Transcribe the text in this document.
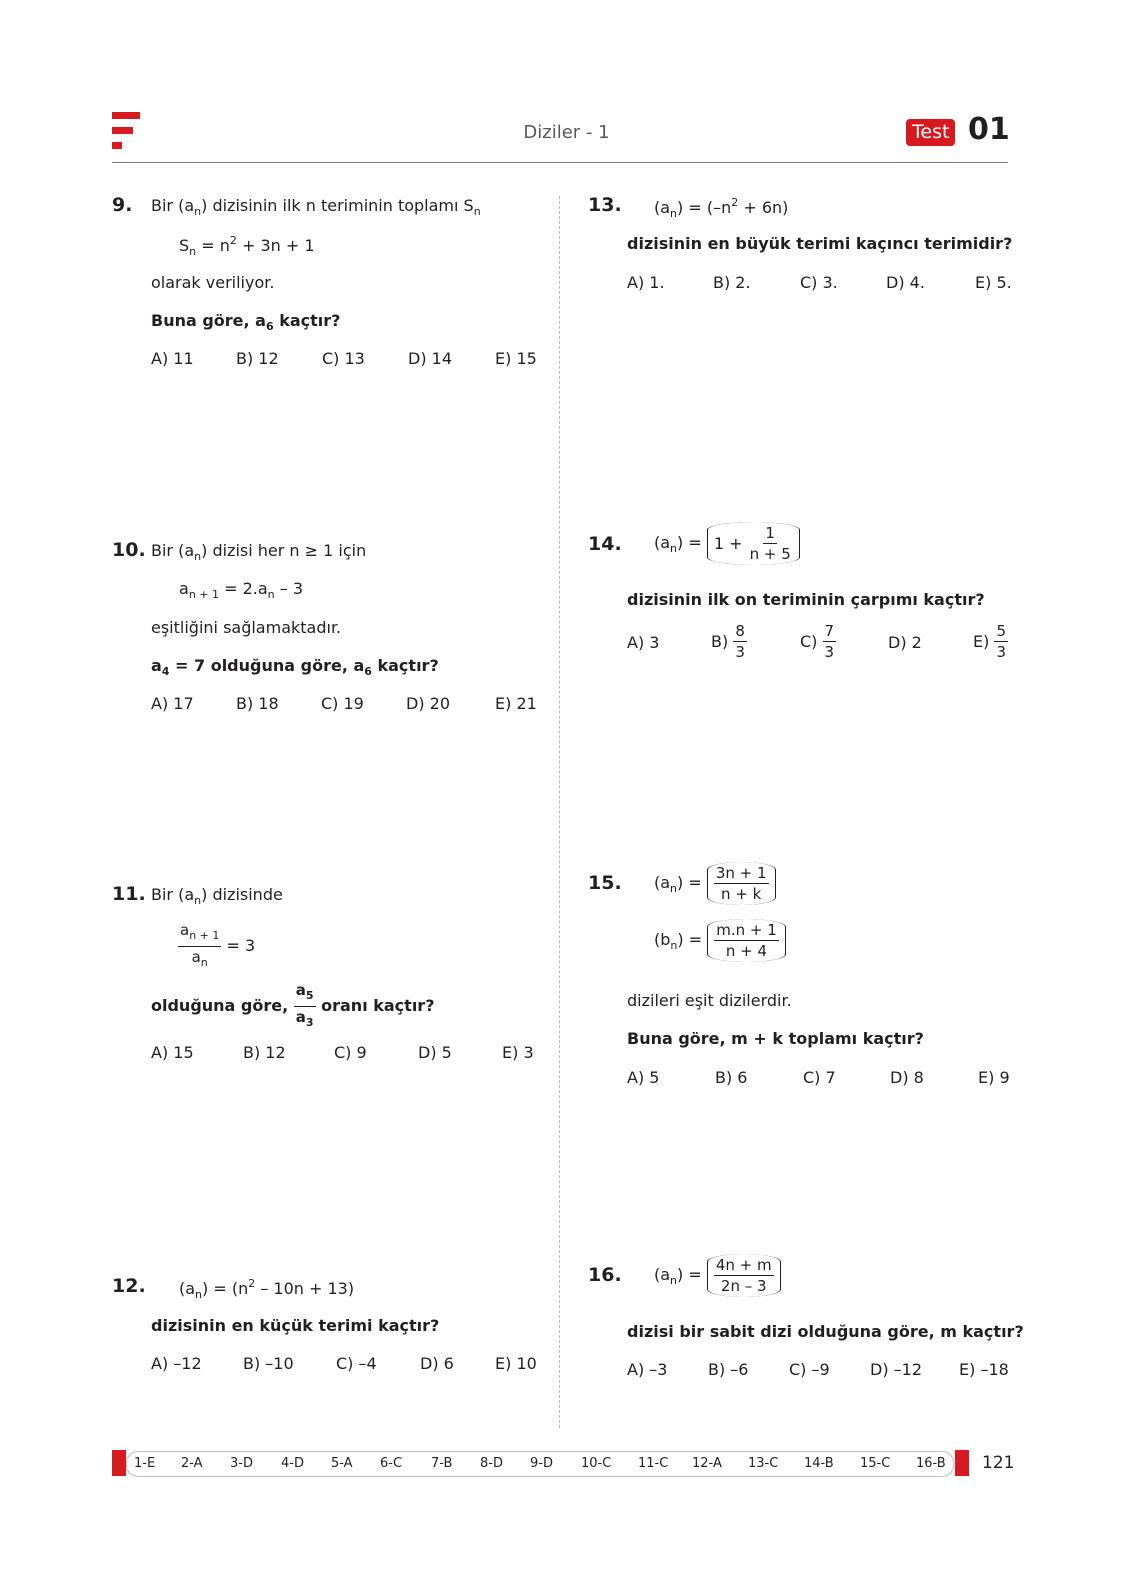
Diziler - 1	Test 01
9. Bir $(a_n)$ dizisinin ilk n teriminin toplamı $S_n$
$S_n = n^2 + 3n + 1$
olarak veriliyor.
Buna göre, $a_6$ kaçtır?
A) 11	B) 12	C) 13	D) 14	E) 15
10. Bir $(a_n)$ dizisi her n ≥ 1 için
$a_{n + 1} = 2.a_n - 3$
eşitliğini sağlamaktadır.
$a_4 = 7$ olduğuna göre, $a_6$ kaçtır?
A) 17	B) 18	C) 19	D) 20	E) 21
11. Bir $(a_n)$ dizisinde
$\frac{a_{n + 1}}{a_n} = 3$
olduğuna göre, $\frac{a_5}{a_3}$ oranı kaçtır?
A) 15	B) 12	C) 9	D) 5	E) 3
12. $(a_n) = (n^2 - 10n + 13)$
dizisinin en küçük terimi kaçtır?
A) –12	B) –10	C) –4	D) 6	E) 10
13. $(a_n) = (-n^2 + 6n)$
dizisinin en büyük terimi kaçıncı terimidir?
A) 1.	B) 2.	C) 3.	D) 4.	E) 5.
14. $(a_n) = 1 + \frac{1}{n + 5}$
dizisinin ilk on teriminin çarpımı kaçtır?
A) 3	$B) \frac{8}{3}$	$C) \frac{7}{3}$	D) 2	$E) \frac{5}{3}$
15. $(a_n) = \frac{3n + 1}{n + k}$
$(b_n) = \frac{m.n + 1}{n + 4}$
dizileri eşit dizilerdir.
Buna göre, m + k toplamı kaçtır?
A) 5	B) 6	C) 7	D) 8	E) 9
16. $(a_n) = \frac{4n + m}{2n - 3}$
dizisi bir sabit dizi olduğuna göre, m kaçtır?
A) –3	B) –6	C) –9	D) –12 E) –18
1-E 2-A 3-D 4-D 5-A 6-C 7-B 8-D 9-D 10-C 11-C 12-A 13-C 14-B 15-C 16-B 121
